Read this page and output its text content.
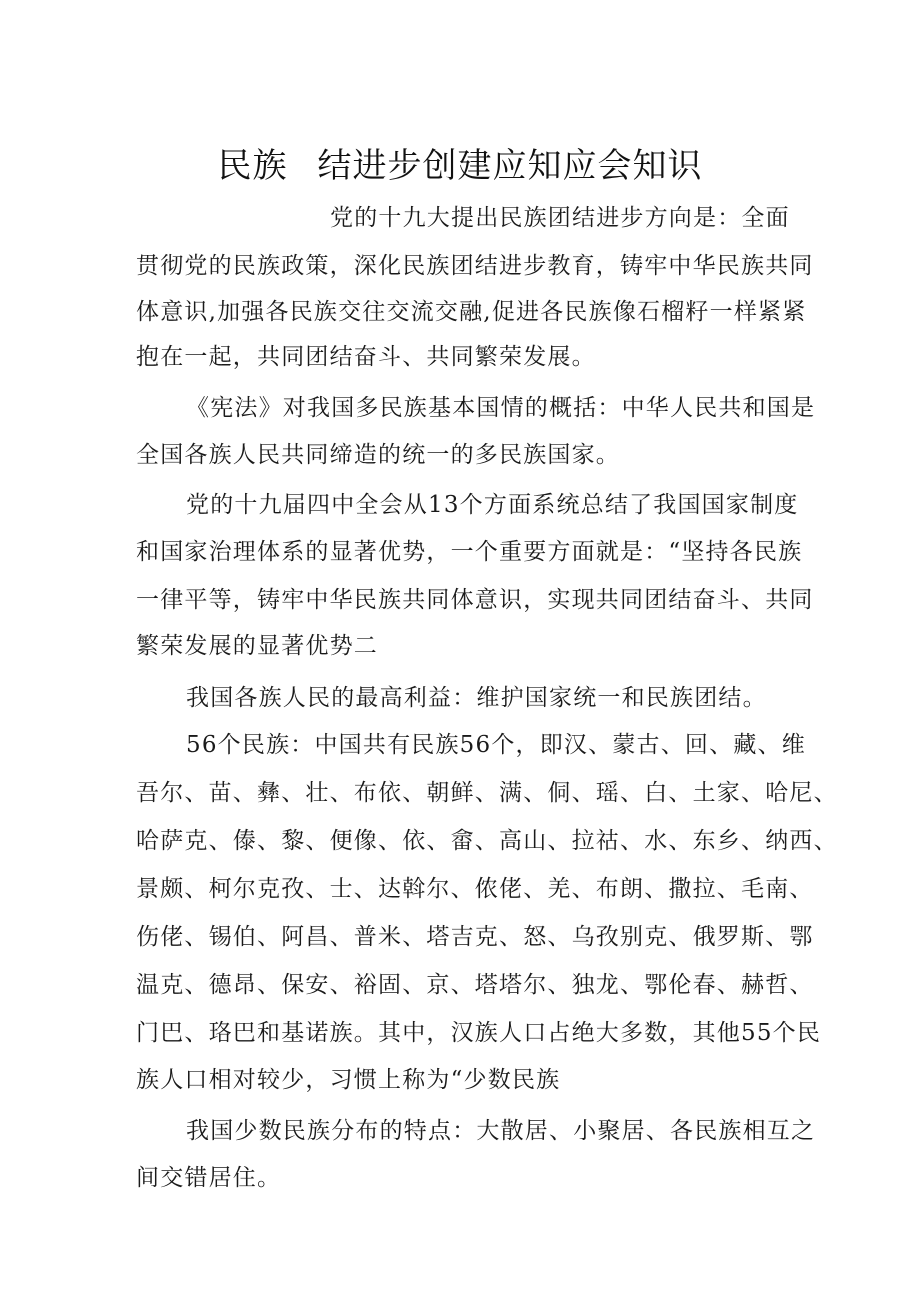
民族 结进步创建应知应会知识
党的十九大提出民族团结进步方向是：全面
贯彻党的民族政策，深化民族团结进步教育，铸牢中华民族共同
体意识,加强各民族交往交流交融,促进各民族像石榴籽一样紧紧
抱在一起，共同团结奋斗、共同繁荣发展。
《宪法》对我国多民族基本国情的概括：中华人民共和国是
全国各族人民共同缔造的统一的多民族国家。
党的十九届四中全会从13个方面系统总结了我国国家制度
和国家治理体系的显著优势，一个重要方面就是：“坚持各民族
一律平等，铸牢中华民族共同体意识，实现共同团结奋斗、共同
繁荣发展的显著优势二
我国各族人民的最高利益：维护国家统一和民族团结。
56个民族：中国共有民族56个，即汉、蒙古、回、藏、维
吾尔、苗、彝、壮、布依、朝鲜、满、侗、瑶、白、土家、哈尼、
哈萨克、傣、黎、便像、依、畲、高山、拉祜、水、东乡、纳西、
景颇、柯尔克孜、士、达斡尔、侬佬、羌、布朗、撒拉、毛南、
伤佬、锡伯、阿昌、普米、塔吉克、怒、乌孜别克、俄罗斯、鄂
温克、德昂、保安、裕固、京、塔塔尔、独龙、鄂伦春、赫哲、
门巴、珞巴和基诺族。其中，汉族人口占绝大多数，其他55个民
族人口相对较少，习惯上称为“少数民族
我国少数民族分布的特点：大散居、小聚居、各民族相互之
间交错居住。
